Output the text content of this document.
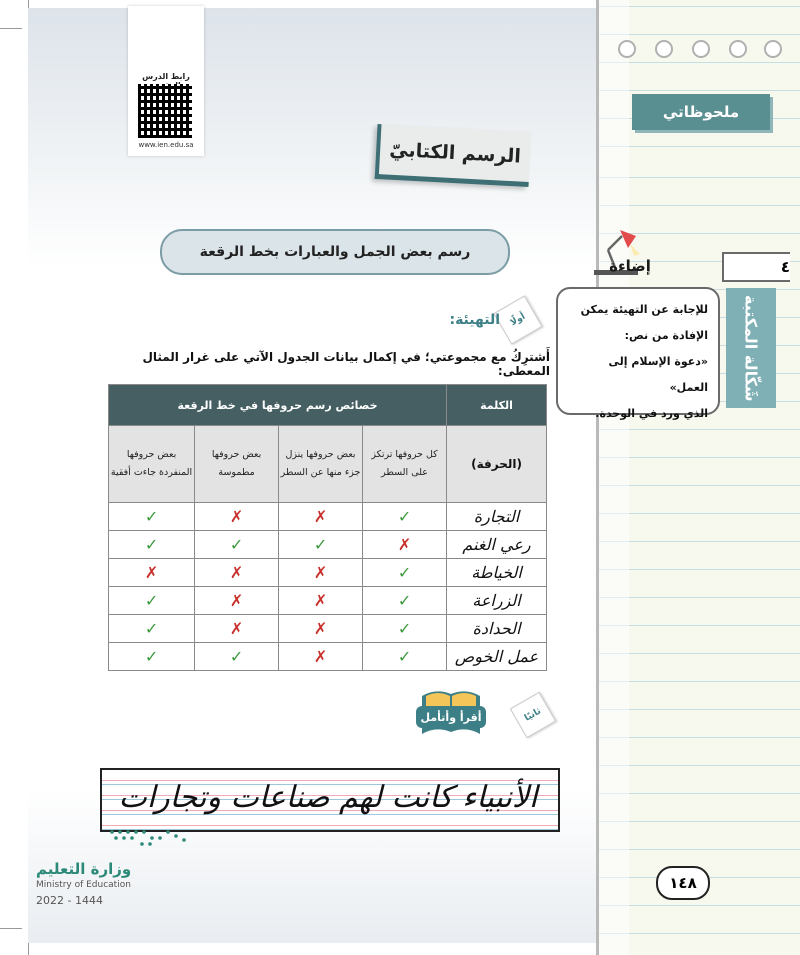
ملحوظاتي
رابط الدرس
www.ien.edu.sa	الرسم الكتابيّ
رسم بعض الجمل والعبارات بخط الرقعة
٤
شَكّالة المكتبة
إضاءة
للإجابة عن التهيئة يمكن
الإفادة من نص:
«دعوة الإسلام إلى العمل»
الذي ورد في الوحدة.
أولًا
التهيئة:
أَشترِكُ مع مجموعتي؛ في إكمال بيانات الجدول الآتي على غرار المثال المعطى:
الكلمة	خصائص رسم حروفها في خط الرقعة			
(الحرفة)	كل حروفها ترتكز على السطر	بعض حروفها ينزل جزء منها عن السطر	بعض حروفها مطموسة	بعض حروفها المنفردة جاءت أفقية
التجارة	✓	✗	✗	✓
رعي الغنم	✗	✓	✓	✓
الخياطة	✓	✗	✗	✗
الزراعة	✓	✗	✗	✓
الحدادة	✓	✗	✗	✓
عمل الخوص	✓	✗	✓	✓
أقرأ وأتأمل	ثانيًا
الأنبياء كانت لهم صناعات وتجارات
وزارة التعليم
Ministry of Education
2022 - 1444
١٤٨
